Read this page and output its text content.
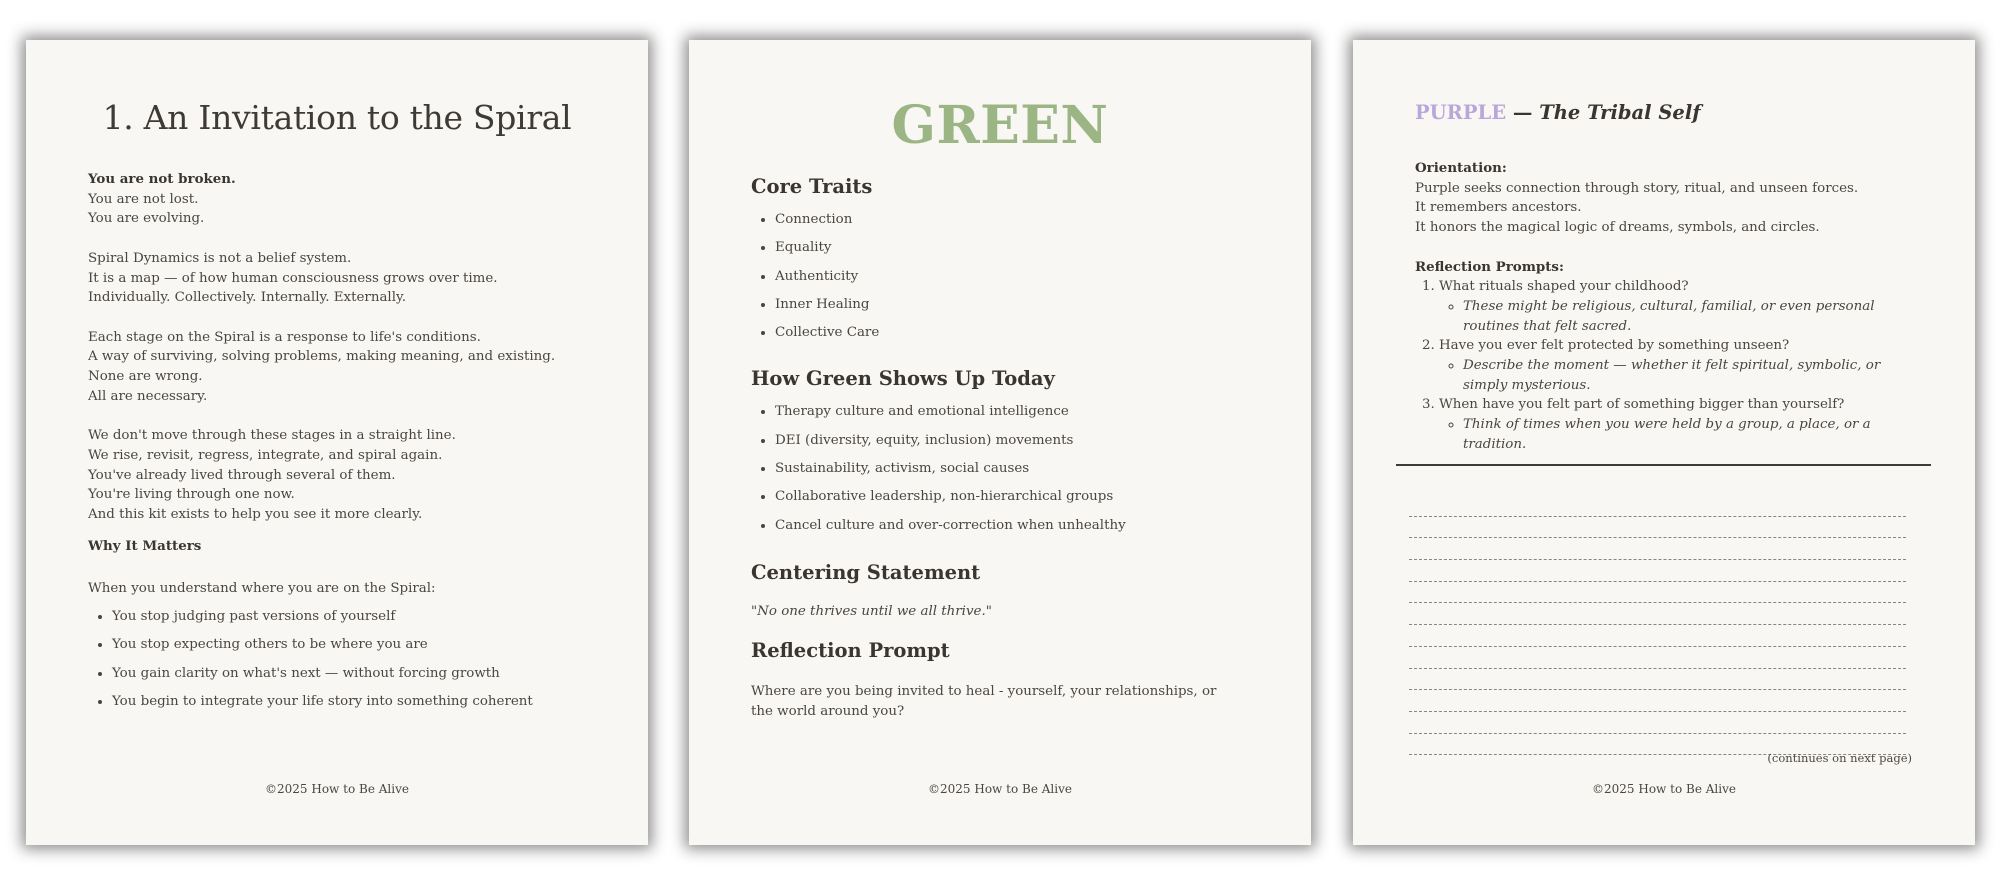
1. An Invitation to the Spiral
You are not broken.
You are not lost.
You are evolving.
Spiral Dynamics is not a belief system.
It is a map — of how human consciousness grows over time.
Individually. Collectively. Internally. Externally.
Each stage on the Spiral is a response to life's conditions.
A way of surviving, solving problems, making meaning, and existing.
None are wrong.
All are necessary.
We don't move through these stages in a straight line.
We rise, revisit, regress, integrate, and spiral again.
You've already lived through several of them.
You're living through one now.
And this kit exists to help you see it more clearly.
Why It Matters
When you understand where you are on the Spiral:
• You stop judging past versions of yourself
• You stop expecting others to be where you are
• You gain clarity on what's next — without forcing growth
• You begin to integrate your life story into something coherent
©2025 How to Be Alive
GREEN
Core Traits
• Connection
• Equality
• Authenticity
• Inner Healing
• Collective Care
How Green Shows Up Today
• Therapy culture and emotional intelligence
• DEI (diversity, equity, inclusion) movements
• Sustainability, activism, social causes
• Collaborative leadership, non-hierarchical groups
• Cancel culture and over-correction when unhealthy
Centering Statement

"No one thrives until we all thrive."

Reflection Prompt

Where are you being invited to heal - yourself, your relationships, or the world around you?

©2025 How to Be Alive
PURPLE — The Tribal Self
Orientation:
Purple seeks connection through story, ritual, and unseen forces.
It remembers ancestors.
It honors the magical logic of dreams, symbols, and circles.
Reflection Prompts:
1. What rituals shaped your childhood?
◦ These might be religious, cultural, familial, or even personal routines that felt sacred.
2. Have you ever felt protected by something unseen?
◦ Describe the moment — whether it felt spiritual, symbolic, or simply mysterious.
3. When have you felt part of something bigger than yourself?
◦ Think of times when you were held by a group, a place, or a tradition.
(continues on next page)
©2025 How to Be Alive
